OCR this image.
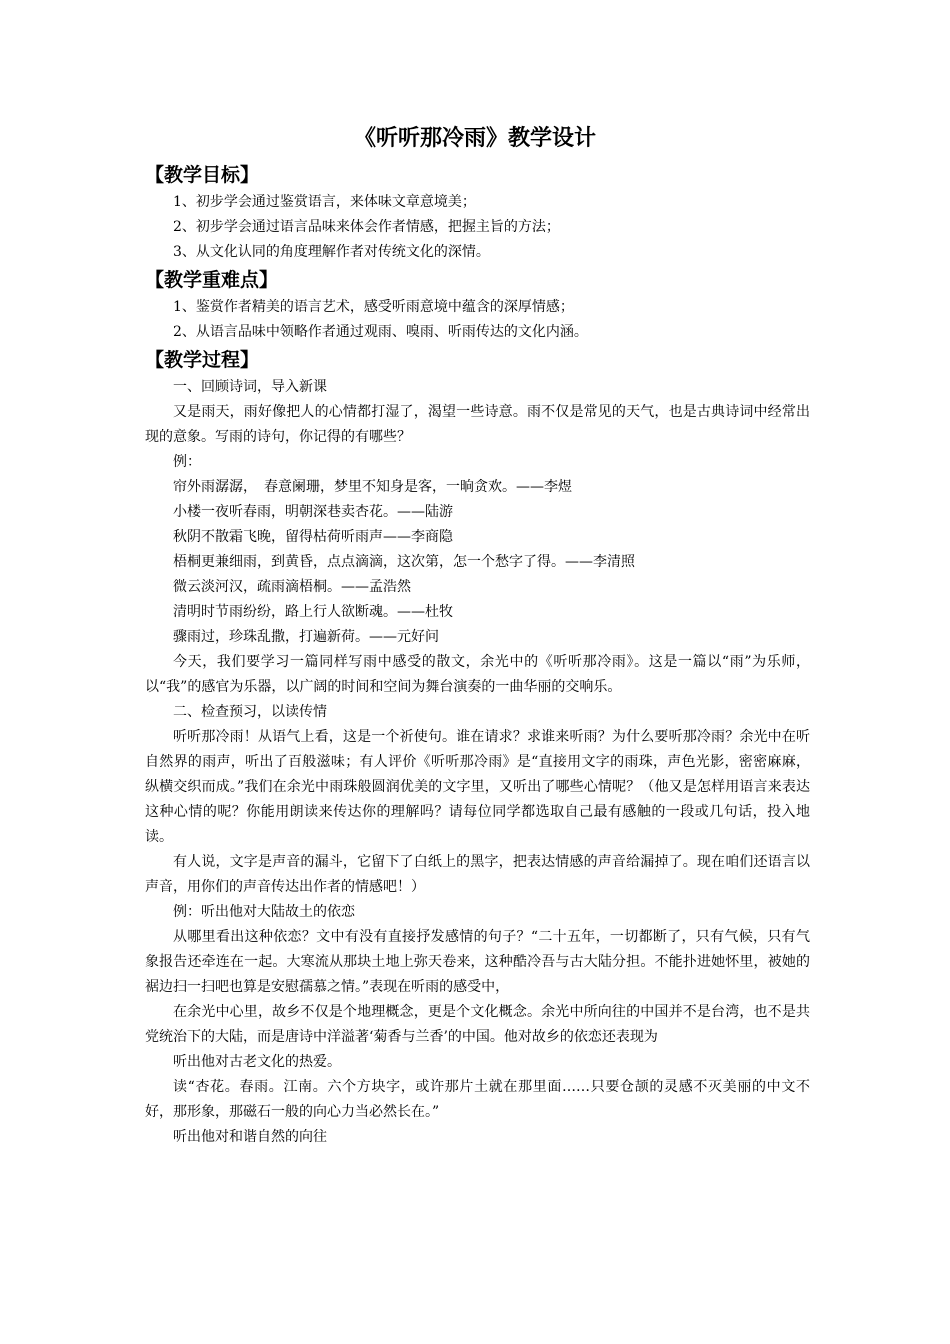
《听听那冷雨》教学设计
【教学目标】

1、初步学会通过鉴赏语言，来体味文章意境美；

2、初步学会通过语言品味来体会作者情感，把握主旨的方法；

3、从文化认同的角度理解作者对传统文化的深情。

【教学重难点】

1、鉴赏作者精美的语言艺术，感受听雨意境中蕴含的深厚情感；

2、从语言品味中领略作者通过观雨、嗅雨、听雨传达的文化内涵。

【教学过程】

一、回顾诗词，导入新课

又是雨天，雨好像把人的心情都打湿了，渴望一些诗意。雨不仅是常见的天气，也是古典诗词中经常出现的意象。写雨的诗句，你记得的有哪些？

例：

帘外雨潺潺，　春意阑珊，梦里不知身是客，一晌贪欢。——李煜

小楼一夜听春雨，明朝深巷卖杏花。——陆游

秋阴不散霜飞晚，留得枯荷听雨声——李商隐

梧桐更兼细雨，到黄昏，点点滴滴，这次第，怎一个愁字了得。——李清照

微云淡河汉，疏雨滴梧桐。——孟浩然

清明时节雨纷纷，路上行人欲断魂。——杜牧

骤雨过，珍珠乱撒，打遍新荷。——元好问

今天，我们要学习一篇同样写雨中感受的散文，余光中的《听听那冷雨》。这是一篇以“雨”为乐师，以“我”的感官为乐器，以广阔的时间和空间为舞台演奏的一曲华丽的交响乐。

二、检查预习，以读传情

听听那冷雨！从语气上看，这是一个祈使句。谁在请求？求谁来听雨？为什么要听那冷雨？余光中在听自然界的雨声，听出了百般滋味；有人评价《听听那冷雨》是“直接用文字的雨珠，声色光影，密密麻麻，纵横交织而成。”我们在余光中雨珠般圆润优美的文字里，又听出了哪些心情呢？（他又是怎样用语言来表达这种心情的呢？你能用朗读来传达你的理解吗？请每位同学都选取自己最有感触的一段或几句话，投入地读。

有人说，文字是声音的漏斗，它留下了白纸上的黑字，把表达情感的声音给漏掉了。现在咱们还语言以声音，用你们的声音传达出作者的情感吧！）

例：听出他对大陆故土的依恋

从哪里看出这种依恋？文中有没有直接抒发感情的句子？“二十五年，一切都断了，只有气候，只有气象报告还牵连在一起。大寒流从那块土地上弥天卷来，这种酷冷吾与古大陆分担。不能扑进她怀里，被她的裾边扫一扫吧也算是安慰孺慕之情。”表现在听雨的感受中，

在余光中心里，故乡不仅是个地理概念，更是个文化概念。余光中所向往的中国并不是台湾，也不是共党统治下的大陆，而是唐诗中洋溢著‘菊香与兰香’的中国。他对故乡的依恋还表现为

听出他对古老文化的热爱。

读“杏花。春雨。江南。六个方块字，或许那片土就在那里面……只要仓颉的灵感不灭美丽的中文不好，那形象，那磁石一般的向心力当必然长在。”

听出他对和谐自然的向往
